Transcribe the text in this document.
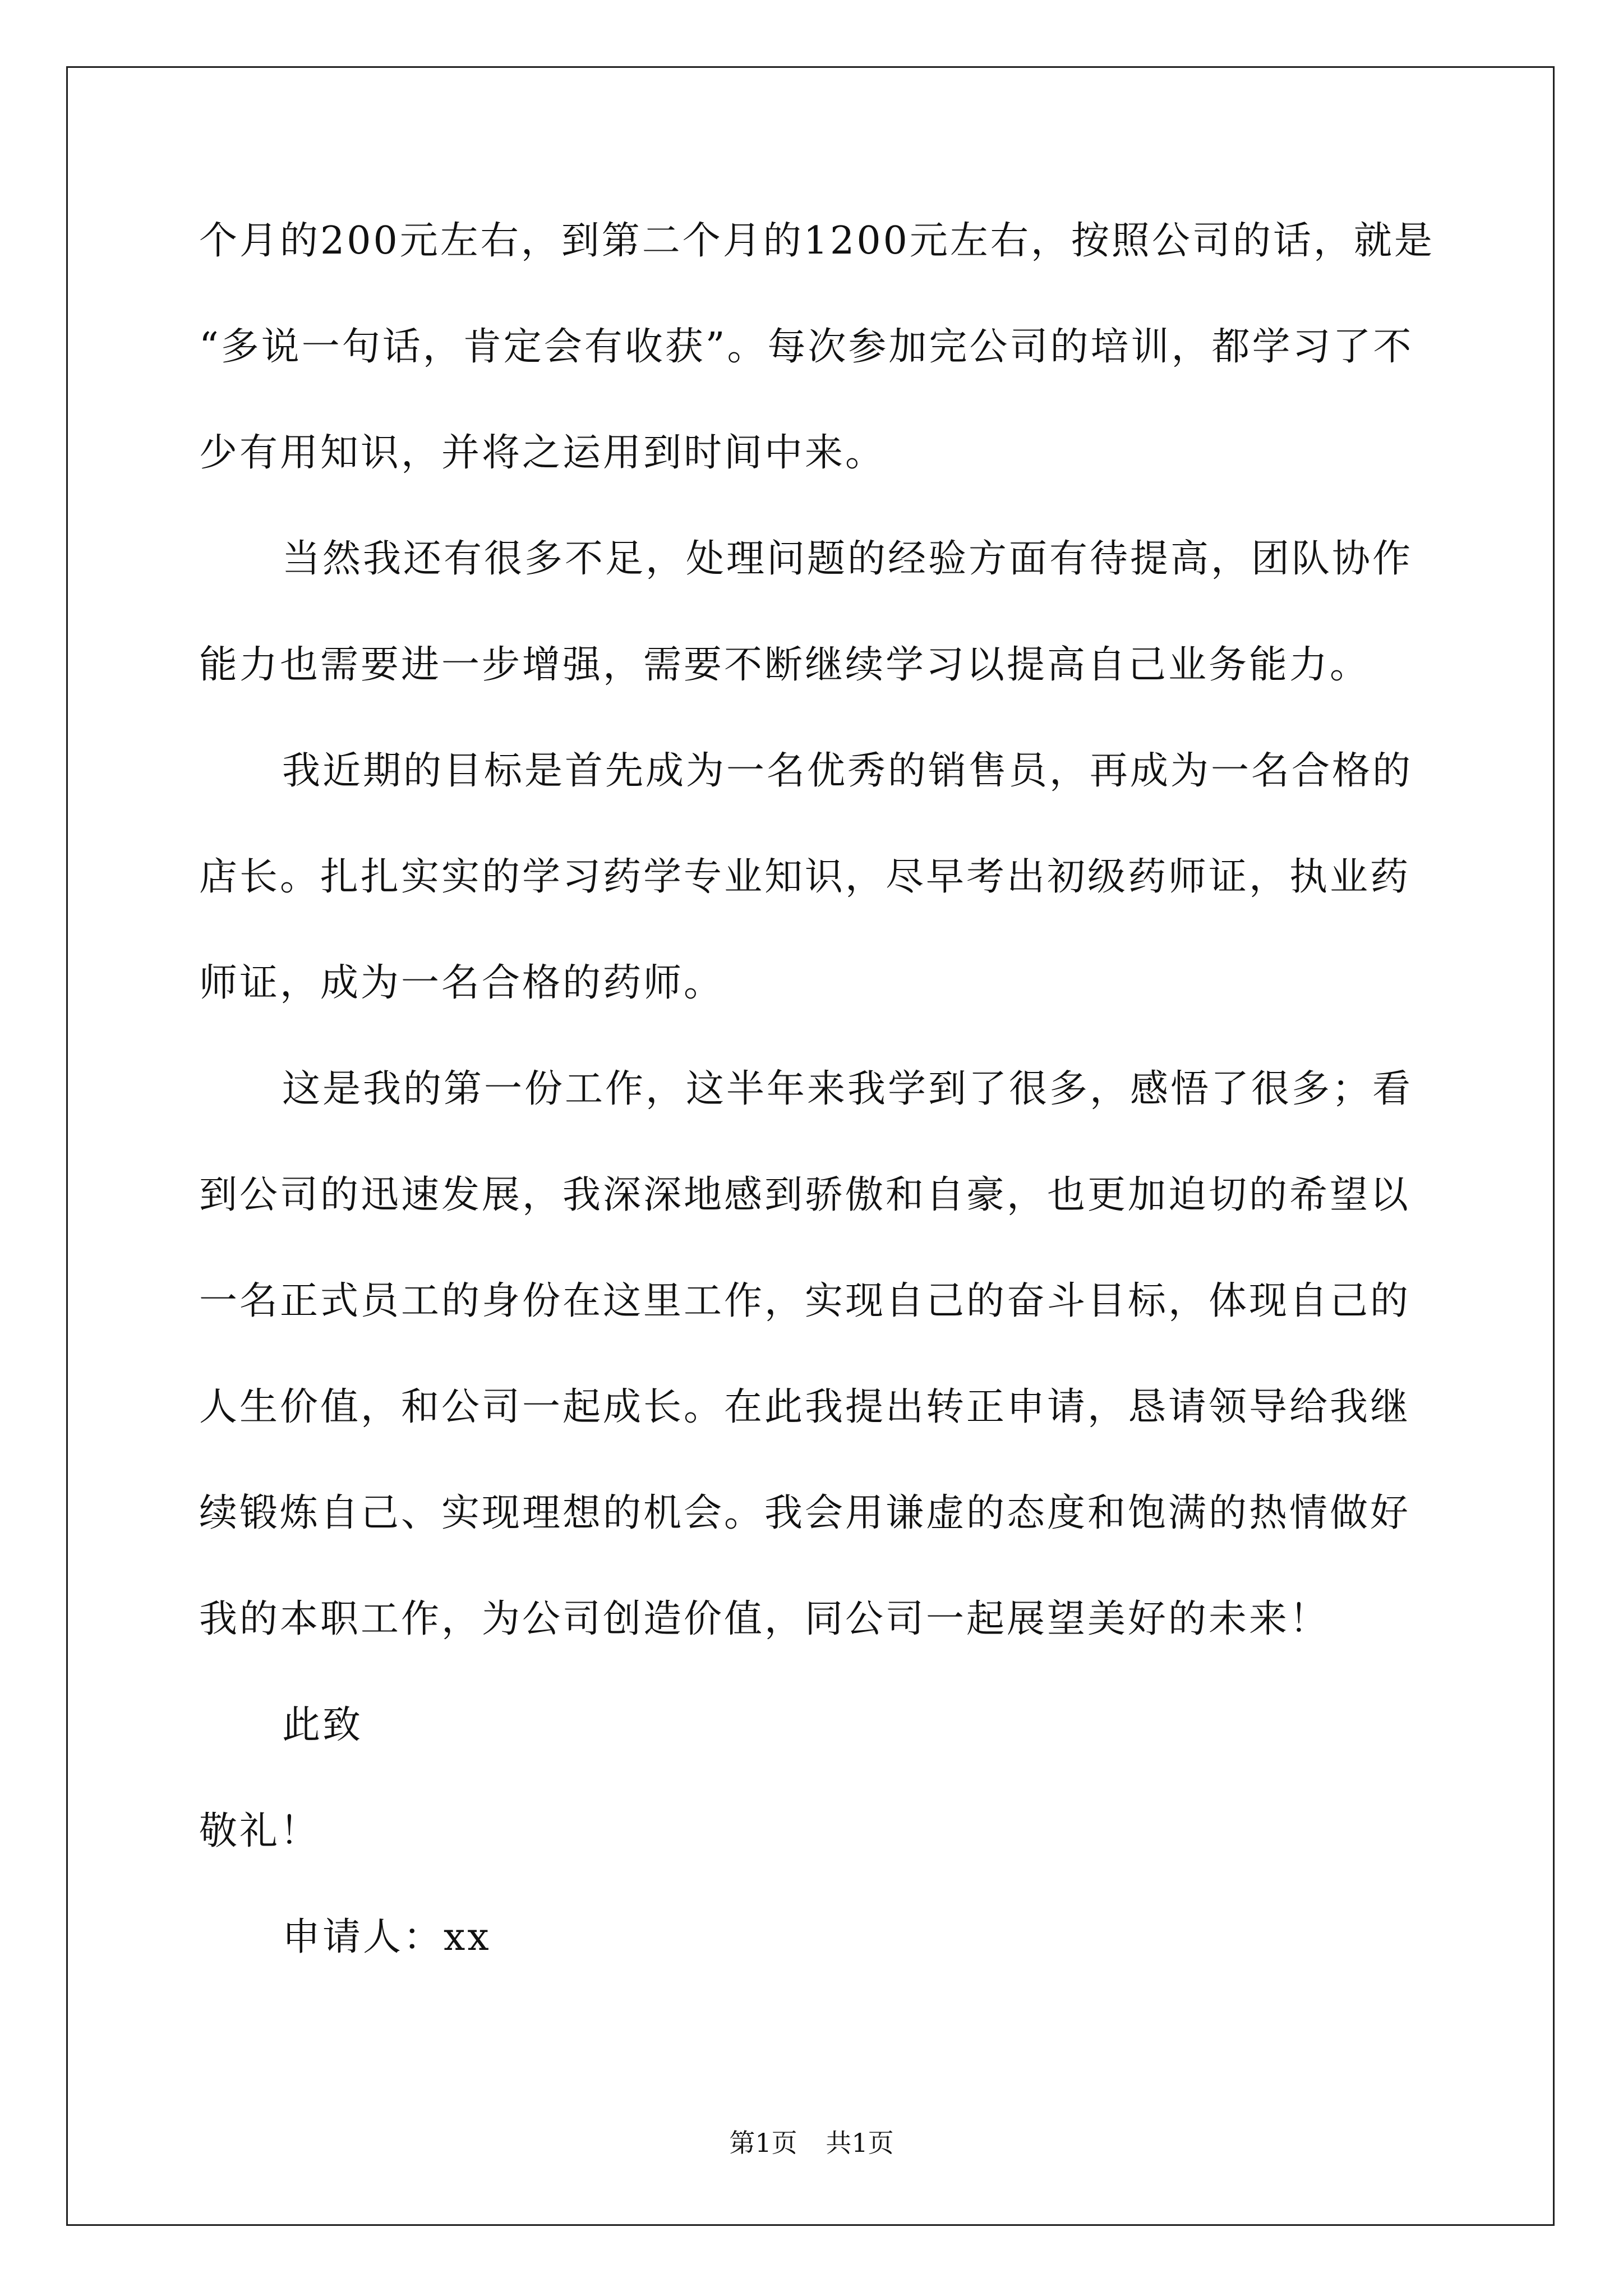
个月的200元左右，到第二个月的1200元左右，按照公司的话，就是
“多说一句话，肯定会有收获”。每次参加完公司的培训，都学习了不
少有用知识，并将之运用到时间中来。
当然我还有很多不足，处理问题的经验方面有待提高，团队协作
能力也需要进一步增强，需要不断继续学习以提高自己业务能力。
我近期的目标是首先成为一名优秀的销售员，再成为一名合格的
店长。扎扎实实的学习药学专业知识，尽早考出初级药师证，执业药
师证，成为一名合格的药师。
这是我的第一份工作，这半年来我学到了很多，感悟了很多；看
到公司的迅速发展，我深深地感到骄傲和自豪，也更加迫切的希望以
一名正式员工的身份在这里工作，实现自己的奋斗目标，体现自己的
人生价值，和公司一起成长。在此我提出转正申请，恳请领导给我继
续锻炼自己、实现理想的机会。我会用谦虚的态度和饱满的热情做好
我的本职工作，为公司创造价值，同公司一起展望美好的未来！
此致
敬礼！
申请人：xx
第1页 共1页
